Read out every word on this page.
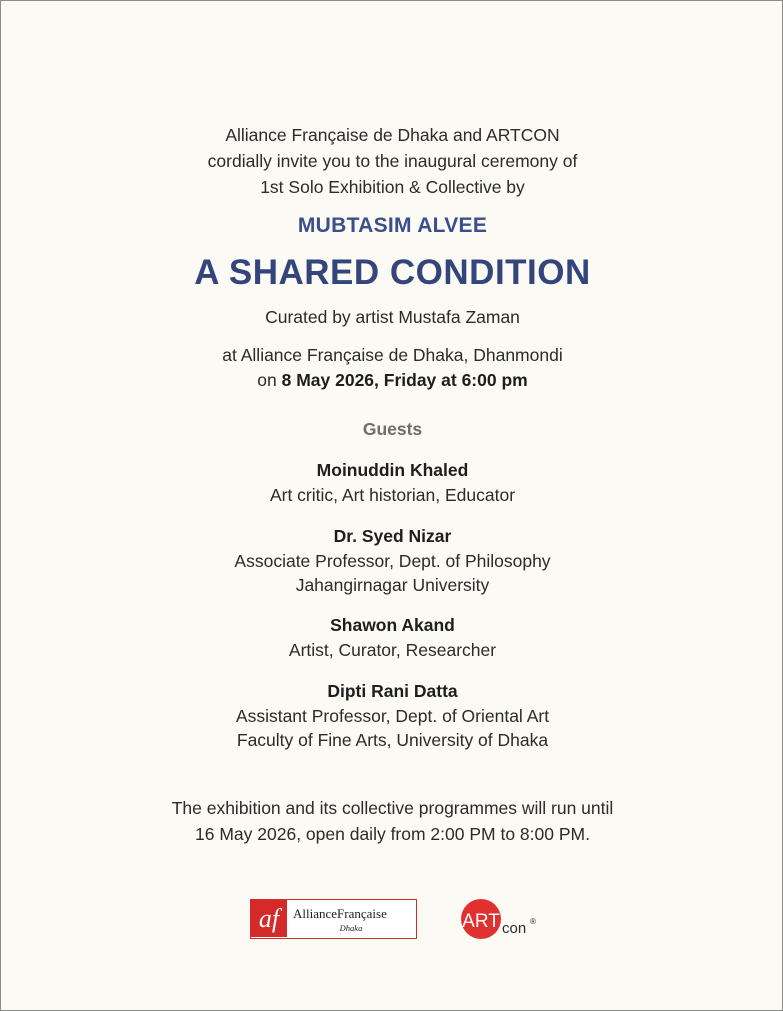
Alliance Française de Dhaka and ARTCON
cordially invite you to the inaugural ceremony of
1st Solo Exhibition & Collective by
MUBTASIM ALVEE
A SHARED CONDITION
Curated by artist Mustafa Zaman
at Alliance Française de Dhaka, Dhanmondi
on 8 May 2026, Friday at 6:00 pm
Guests
Moinuddin Khaled
Art critic, Art historian, Educator
Dr. Syed Nizar
Associate Professor, Dept. of Philosophy
Jahangirnagar University
Shawon Akand
Artist, Curator, Researcher
Dipti Rani Datta
Assistant Professor, Dept. of Oriental Art
Faculty of Fine Arts, University of Dhaka
The exhibition and its collective programmes will run until
16 May 2026, open daily from 2:00 PM to 8:00 PM.
af AllianceFrançaise
Dhaka	ART con ®
